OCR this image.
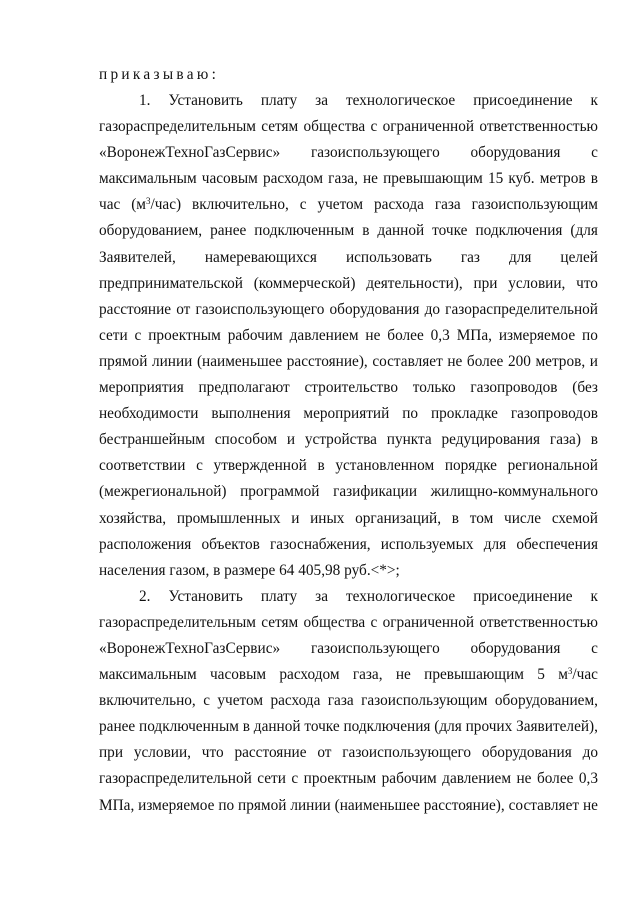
приказываю:
1. Установить плату за технологическое присоединение к
газораспределительным сетям общества с ограниченной ответственностью
«ВоронежТехноГазСервис» газоиспользующего оборудования с
максимальным часовым расходом газа, не превышающим 15 куб. метров в
час $(м^3/час)$ включительно, с учетом расхода газа газоиспользующим
оборудованием, ранее подключенным в данной точке подключения (для
Заявителей, намеревающихся использовать газ для целей
предпринимательской (коммерческой) деятельности), при условии, что
расстояние от газоиспользующего оборудования до газораспределительной
сети с проектным рабочим давлением не более 0,3 МПа, измеряемое по
прямой линии (наименьшее расстояние), составляет не более 200 метров, и
мероприятия предполагают строительство только газопроводов (без
необходимости выполнения мероприятий по прокладке газопроводов
бестраншейным способом и устройства пункта редуцирования газа) в
соответствии с утвержденной в установленном порядке региональной
(межрегиональной) программой газификации жилищно-коммунального
хозяйства, промышленных и иных организаций, в том числе схемой
расположения объектов газоснабжения, используемых для обеспечения
населения газом, в размере 64 405,98 руб.<*>;
2. Установить плату за технологическое присоединение к
газораспределительным сетям общества с ограниченной ответственностью
«ВоронежТехноГазСервис» газоиспользующего оборудования с
максимальным часовым расходом газа, не превышающим 5 $м^3$/час
включительно, с учетом расхода газа газоиспользующим оборудованием,
ранее подключенным в данной точке подключения (для прочих Заявителей),
при условии, что расстояние от газоиспользующего оборудования до
газораспределительной сети с проектным рабочим давлением не более 0,3
МПа, измеряемое по прямой линии (наименьшее расстояние), составляет не
